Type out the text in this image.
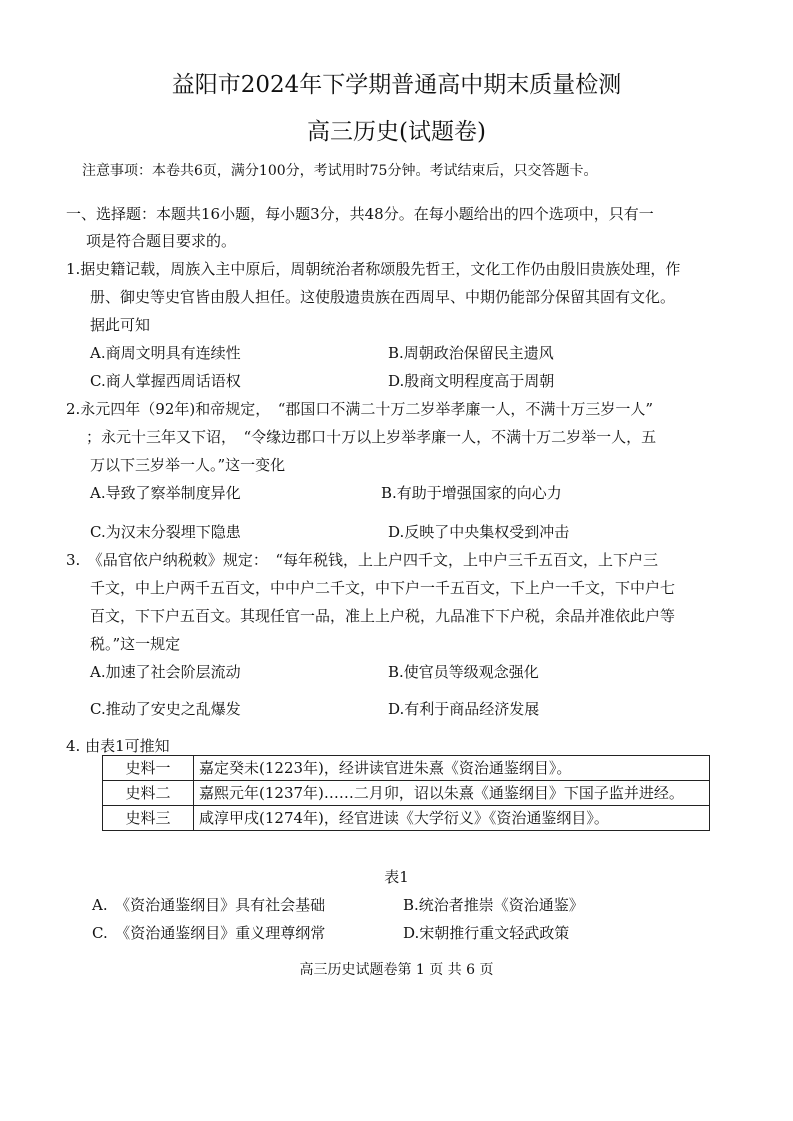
益阳市2024年下学期普通高中期末质量检测
高三历史(试题卷)
注意事项：本卷共6页，满分100分，考试用时75分钟。考试结束后，只交答题卡。
一、选择题：本题共16小题，每小题3分，共48分。在每小题给出的四个选项中，只有一
项是符合题目要求的。
1.据史籍记载，周族入主中原后，周朝统治者称颂殷先哲王，文化工作仍由殷旧贵族处理，作
册、御史等史官皆由殷人担任。这使殷遗贵族在西周早、中期仍能部分保留其固有文化。
据此可知
A.商周文明具有连续性	B.周朝政治保留民主遗风
C.商人掌握西周话语权	D.殷商文明程度高于周朝
2.永元四年（92年)和帝规定，　“郡国口不满二十万二岁举孝廉一人，不满十万三岁一人”
；永元十三年又下诏，　“令缘边郡口十万以上岁举孝廉一人，不满十万二岁举一人，五
万以下三岁举一人。”这一变化
A.导致了察举制度异化	B.有助于增强国家的向心力
C.为汉末分裂埋下隐患	D.反映了中央集权受到冲击
3.　《品官依户纳税敕》规定：　“每年税钱，上上户四千文，上中户三千五百文，上下户三
千文，中上户两千五百文，中中户二千文，中下户一千五百文，下上户一千文，下中户七
百文，下下户五百文。其现任官一品，准上上户税，九品准下下户税，余品并准依此户等
税。”这一规定
A.加速了社会阶层流动	B.使官员等级观念强化
C.推动了安史之乱爆发	D.有利于商品经济发展
4. 由表1可推知
史料一	嘉定癸未(1223年)，经讲读官进朱熹《资治通鉴纲目》。
史料二	嘉熙元年(1237年)……二月卯，诏以朱熹《通鉴纲目》下国子监并进经。
史料三	咸淳甲戌(1274年)，经官进读《大学衍义》《资治通鉴纲目》。
表1
A.　《资治通鉴纲目》具有社会基础	B.统治者推崇《资治通鉴》
C.　《资治通鉴纲目》重义理尊纲常	D.宋朝推行重文轻武政策
高三历史试题卷第 1 页 共 6 页
